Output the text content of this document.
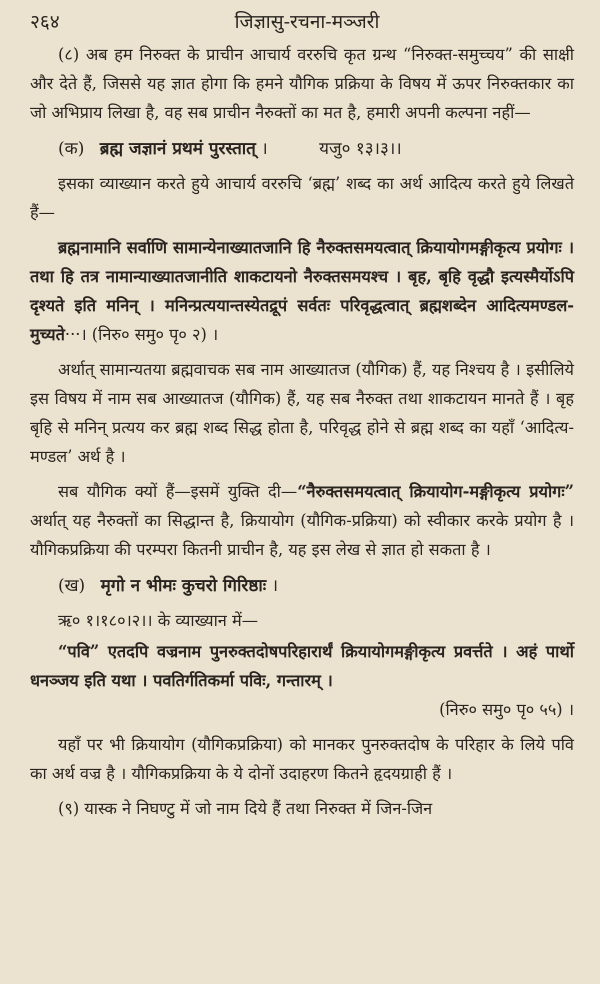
२६४	जिज्ञासु-रचना-मञ्जरी

(८) अब हम निरुक्त के प्राचीन आचार्य वररुचि कृत ग्रन्थ “निरुक्त-समुच्चय” की साक्षी और देते हैं, जिससे यह ज्ञात होगा कि हमने यौगिक प्रक्रिया के विषय में ऊपर निरुक्तकार का जो अभिप्राय लिखा है, वह सब प्राचीन नैरुक्तों का मत है, हमारी अपनी कल्पना नहीं—

(क) ब्रह्म जज्ञानं प्रथमं पुरस्तात् ।	यजु० १३।३।।

इसका व्याख्यान करते हुये आचार्य वररुचि ‘ब्रह्म’ शब्द का अर्थ आदित्य करते हुये लिखते हैं—

ब्रह्मनामानि सर्वाणि सामान्येनाख्यातजानि हि नैरुक्तसमयत्वात् क्रियायोगमङ्गीकृत्य प्रयोगः । तथा हि तत्र नामान्याख्यातजानीति शाकटायनो नैरुक्तसमयश्च । बृह, बृहि वृद्धौ इत्यस्मैर्योऽपि दृश्यते इति मनिन् । मनिन्प्रत्ययान्तस्येतद्रूपं सर्वतः परिवृद्धत्वात् ब्रह्मशब्देन आदित्यमण्डल-मुच्यते···। (निरु० समु० पृ० २) ।

अर्थात् सामान्यतया ब्रह्मवाचक सब नाम आख्यातज (यौगिक) हैं, यह निश्चय है । इसीलिये इस विषय में नाम सब आख्यातज (यौगिक) हैं, यह सब नैरुक्त तथा शाकटायन मानते हैं । बृह बृहि से मनिन् प्रत्यय कर ब्रह्म शब्द सिद्ध होता है, परिवृद्ध होने से ब्रह्म शब्द का यहाँ ‘आदित्य-मण्डल’ अर्थ है ।

सब यौगिक क्यों हैं—इसमें युक्ति दी—“नैरुक्तसमयत्वात् क्रियायोग-मङ्गीकृत्य प्रयोगः” अर्थात् यह नैरुक्तों का सिद्धान्त है, क्रियायोग (यौगिक-प्रक्रिया) को स्वीकार करके प्रयोग है । यौगिकप्रक्रिया की परम्परा कितनी प्राचीन है, यह इस लेख से ज्ञात हो सकता है ।

(ख) मृगो न भीमः कुचरो गिरिष्ठाः ।

ऋ० १।१८०।२।। के व्याख्यान में—

“पवि” एतदपि वज्रनाम पुनरुक्तदोषपरिहारार्थं क्रियायोगमङ्गीकृत्य प्रवर्त्तते । अहं पार्थो धनञ्जय इति यथा । पवतिर्गतिकर्मा पविः, गन्तारम् ।

(निरु० समु० पृ० ५५) ।

यहाँ पर भी क्रियायोग (यौगिकप्रक्रिया) को मानकर पुनरुक्तदोष के परिहार के लिये पवि का अर्थ वज्र है । यौगिकप्रक्रिया के ये दोनों उदाहरण कितने हृदयग्राही हैं ।

(९) यास्क ने निघण्टु में जो नाम दिये हैं तथा निरुक्त में जिन-जिन
